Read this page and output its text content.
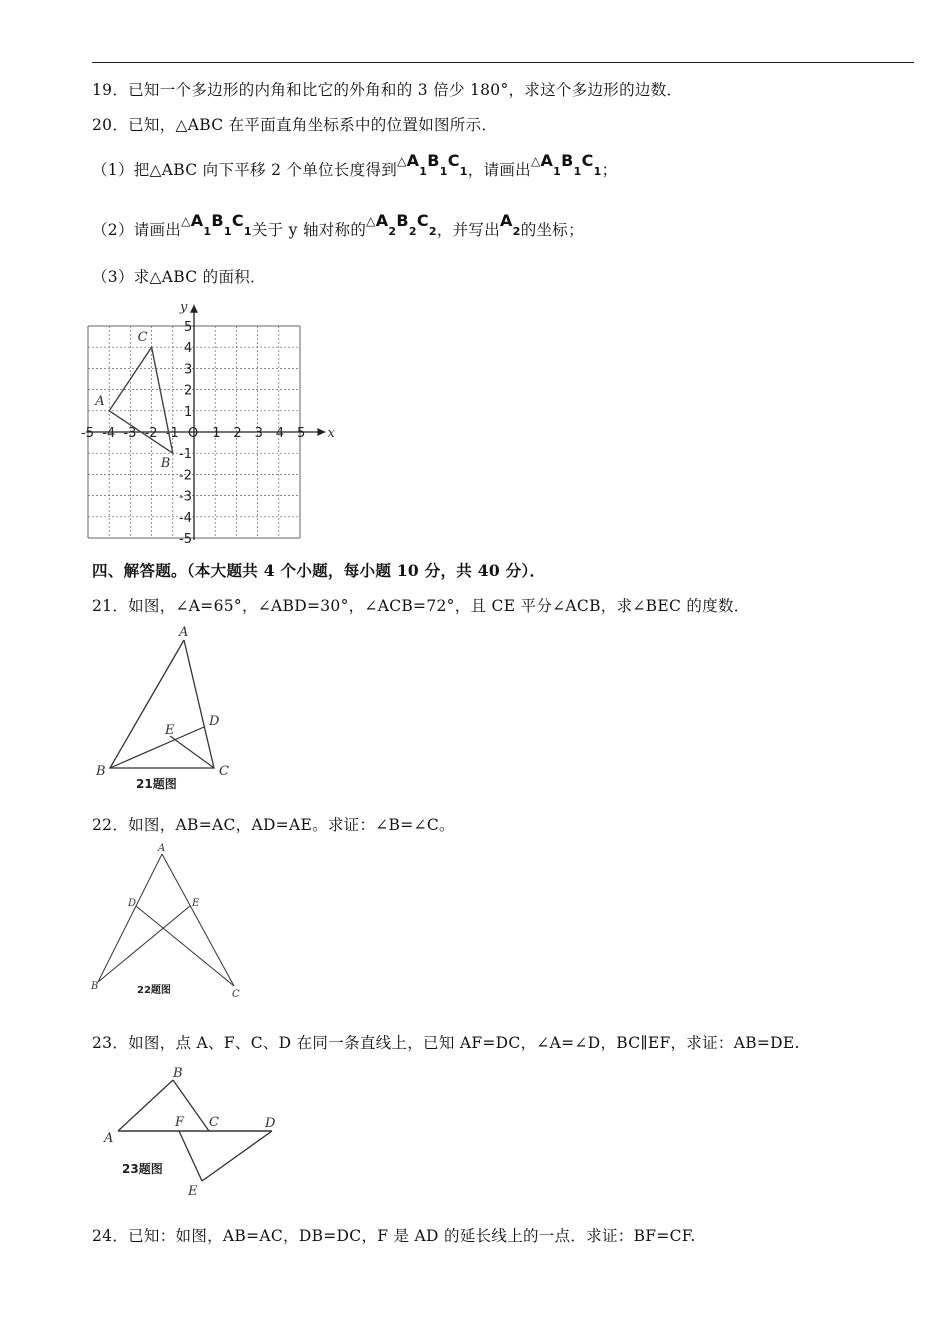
19．已知一个多边形的内角和比它的外角和的 3 倍少 180°，求这个多边形的边数．
20．已知，△ABC 在平面直角坐标系中的位置如图所示．
（1）把△ABC 向下平移 2 个单位长度得到$^\triangle A_1B_1C_1$，请画出$^\triangle A_1B_1C_1$；
（2）请画出$^\triangle A_1B_1C_1$关于 y 轴对称的$^\triangle A_2B_2C_2$，并写出$A_2$的坐标；
（3）求△ABC 的面积．
-5 -4 -3 -2 -1	1 2 3 4 5
5
4
3
2
1
-1
-2
-3
-4
-5
A
B
C
x
y
O
四、解答题。（本大题共 4 个小题，每小题 10 分，共 40 分）．
21．如图，∠A=65°，∠ABD=30°，∠ACB=72°，且 CE 平分∠ACB，求∠BEC 的度数．
A
B	C
D
E
21题图
22．如图，AB=AC，AD=AE。求证：∠B=∠C。
A
B
C
D	E
22题图
23．如图，点 A、F、C、D 在同一条直线上，已知 AF=DC，∠A=∠D，BC∥EF，求证：AB=DE.
A
B
F C	D
E
23题图
24．已知：如图，AB=AC，DB=DC，F 是 AD 的延长线上的一点．求证：BF=CF.
